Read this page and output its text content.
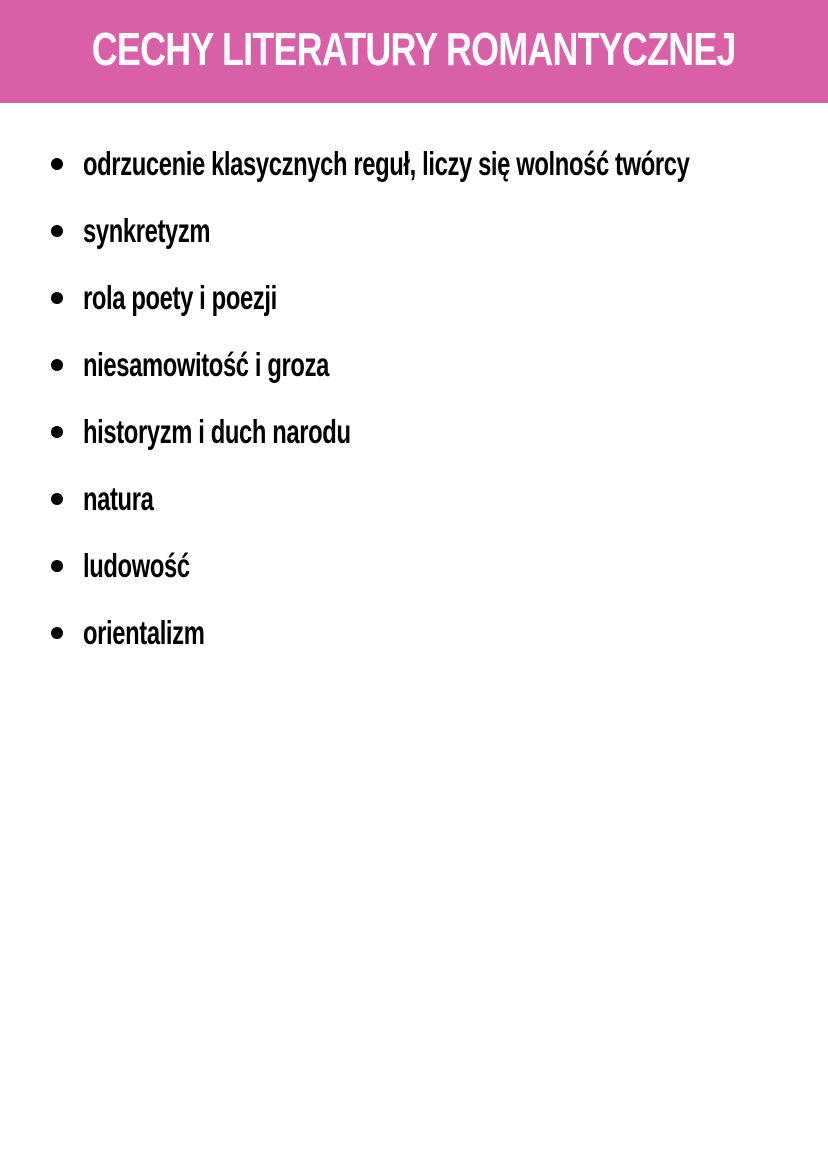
CECHY LITERATURY ROMANTYCZNEJ
odrzucenie klasycznych reguł, liczy się wolność twórcy
synkretyzm
rola poety i poezji
niesamowitość i groza
historyzm i duch narodu
natura
ludowość
orientalizm
